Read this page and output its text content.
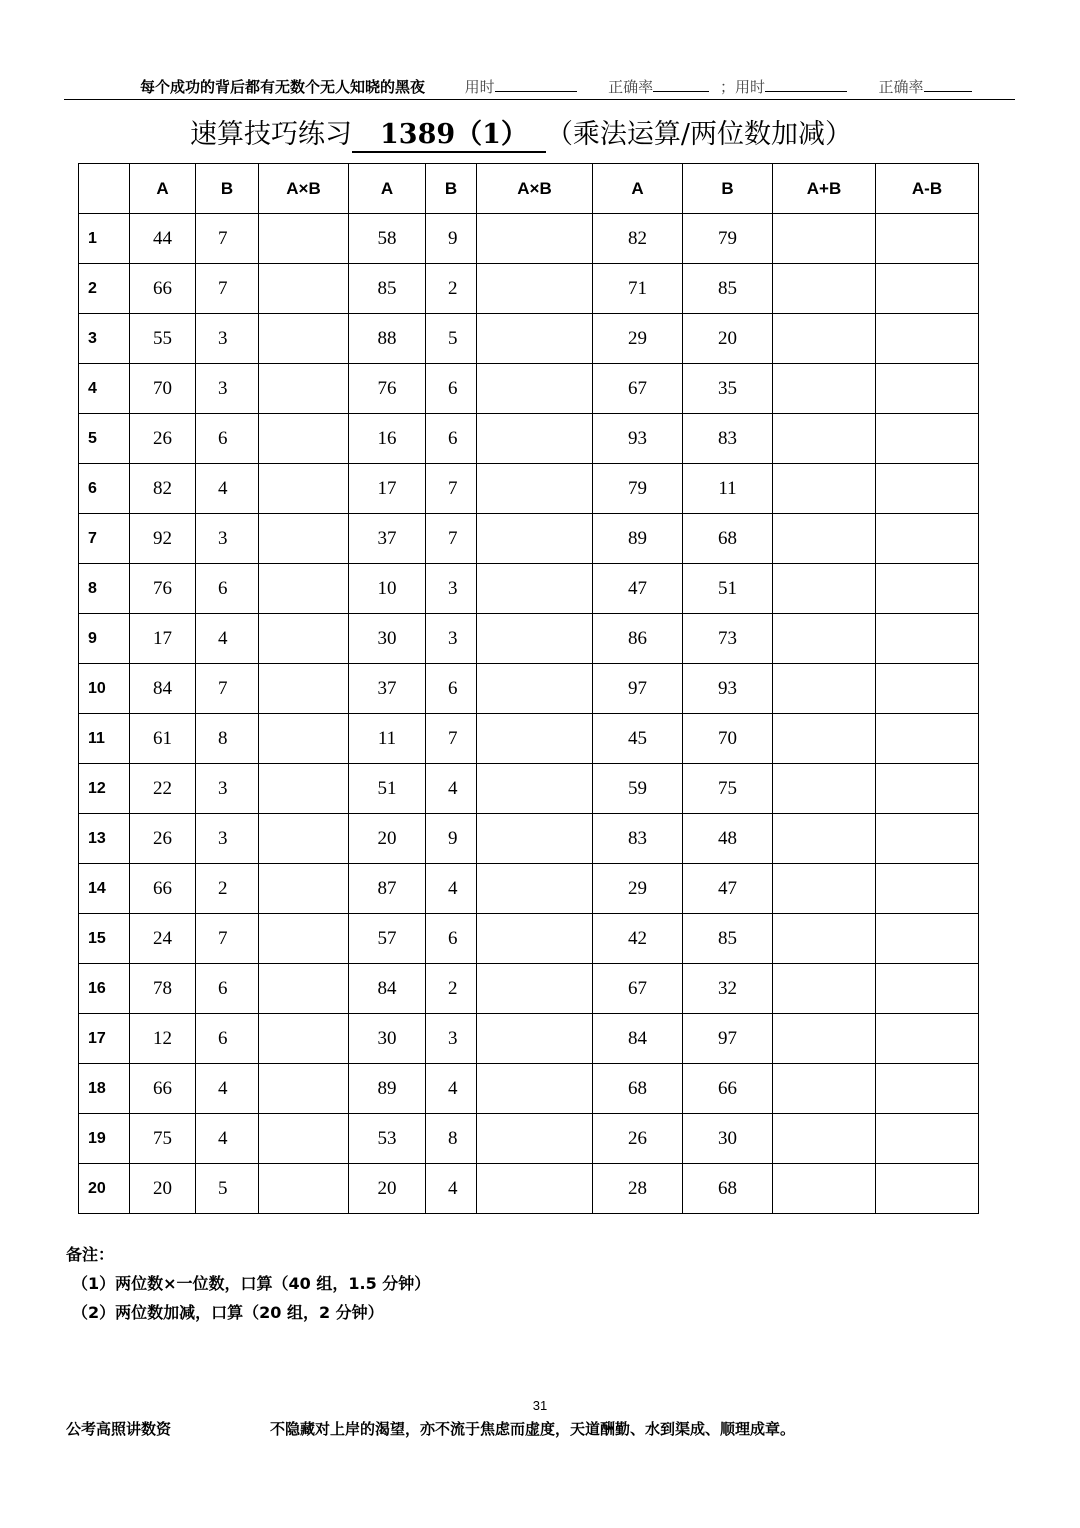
每个成功的背后都有无数个无人知晓的黑夜	用时	正确率	；用时	正确率
速算技巧练习 1389（1） （乘法运算/两位数加减）
	A	B	A×B	A	B	A×B	A	B	A+B	A-B
1	44	7		58	9		82	79		
2	66	7		85	2		71	85		
3	55	3		88	5		29	20		
4	70	3		76	6		67	35		
5	26	6		16	6		93	83		
6	82	4		17	7		79	11		
7	92	3		37	7		89	68		
8	76	6		10	3		47	51		
9	17	4		30	3		86	73		
10	84	7		37	6		97	93		
11	61	8		11	7		45	70		
12	22	3		51	4		59	75		
13	26	3		20	9		83	48		
14	66	2		87	4		29	47		
15	24	7		57	6		42	85		
16	78	6		84	2		67	32		
17	12	6		30	3		84	97		
18	66	4		89	4		68	66		
19	75	4		53	8		26	30		
20	20	5		20	4		28	68		
备注：
（1）两位数×一位数，口算（40 组，1.5 分钟）
（2）两位数加减，口算（20 组，2 分钟）
31
公考高照讲数资	不隐藏对上岸的渴望，亦不流于焦虑而虚度，天道酬勤、水到渠成、顺理成章。
